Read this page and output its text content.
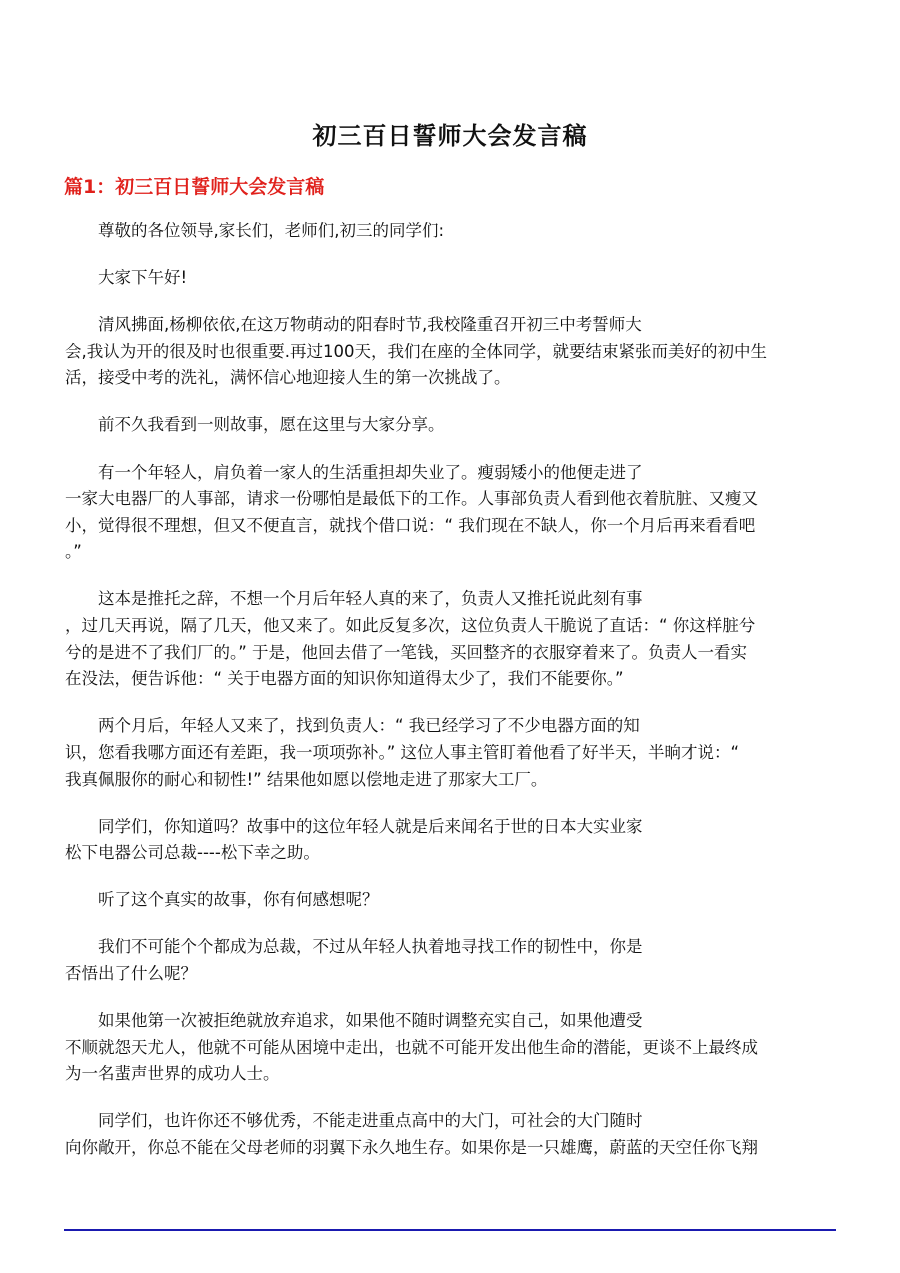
初三百日誓师大会发言稿
篇1：初三百日誓师大会发言稿

尊敬的各位领导,家长们，老师们,初三的同学们:

大家下午好!

清风拂面,杨柳依依,在这万物萌动的阳春时节,我校隆重召开初三中考誓师大
会,我认为开的很及时也很重要.再过100天，我们在座的全体同学，就要结束紧张而美好的初中生
活，接受中考的洗礼，满怀信心地迎接人生的第一次挑战了。

前不久我看到一则故事，愿在这里与大家分享。

有一个年轻人，肩负着一家人的生活重担却失业了。瘦弱矮小的他便走进了
一家大电器厂的人事部，请求一份哪怕是最低下的工作。人事部负责人看到他衣着肮脏、又瘦又
小，觉得很不理想，但又不便直言，就找个借口说：“ 我们现在不缺人，你一个月后再来看看吧
。”

这本是推托之辞，不想一个月后年轻人真的来了，负责人又推托说此刻有事
，过几天再说，隔了几天，他又来了。如此反复多次，这位负责人干脆说了直话：“ 你这样脏兮
兮的是进不了我们厂的。” 于是，他回去借了一笔钱，买回整齐的衣服穿着来了。负责人一看实
在没法，便告诉他：“ 关于电器方面的知识你知道得太少了，我们不能要你。”

两个月后，年轻人又来了，找到负责人：“ 我已经学习了不少电器方面的知
识，您看我哪方面还有差距，我一项项弥补。” 这位人事主管盯着他看了好半天，半晌才说：“
我真佩服你的耐心和韧性!” 结果他如愿以偿地走进了那家大工厂。

同学们，你知道吗？故事中的这位年轻人就是后来闻名于世的日本大实业家
松下电器公司总裁----松下幸之助。

听了这个真实的故事，你有何感想呢？

我们不可能个个都成为总裁，不过从年轻人执着地寻找工作的韧性中，你是
否悟出了什么呢？

如果他第一次被拒绝就放弃追求，如果他不随时调整充实自己，如果他遭受
不顺就怨天尤人，他就不可能从困境中走出，也就不可能开发出他生命的潜能，更谈不上最终成
为一名蜚声世界的成功人士。

同学们，也许你还不够优秀，不能走进重点高中的大门，可社会的大门随时
向你敞开，你总不能在父母老师的羽翼下永久地生存。如果你是一只雄鹰，蔚蓝的天空任你飞翔
